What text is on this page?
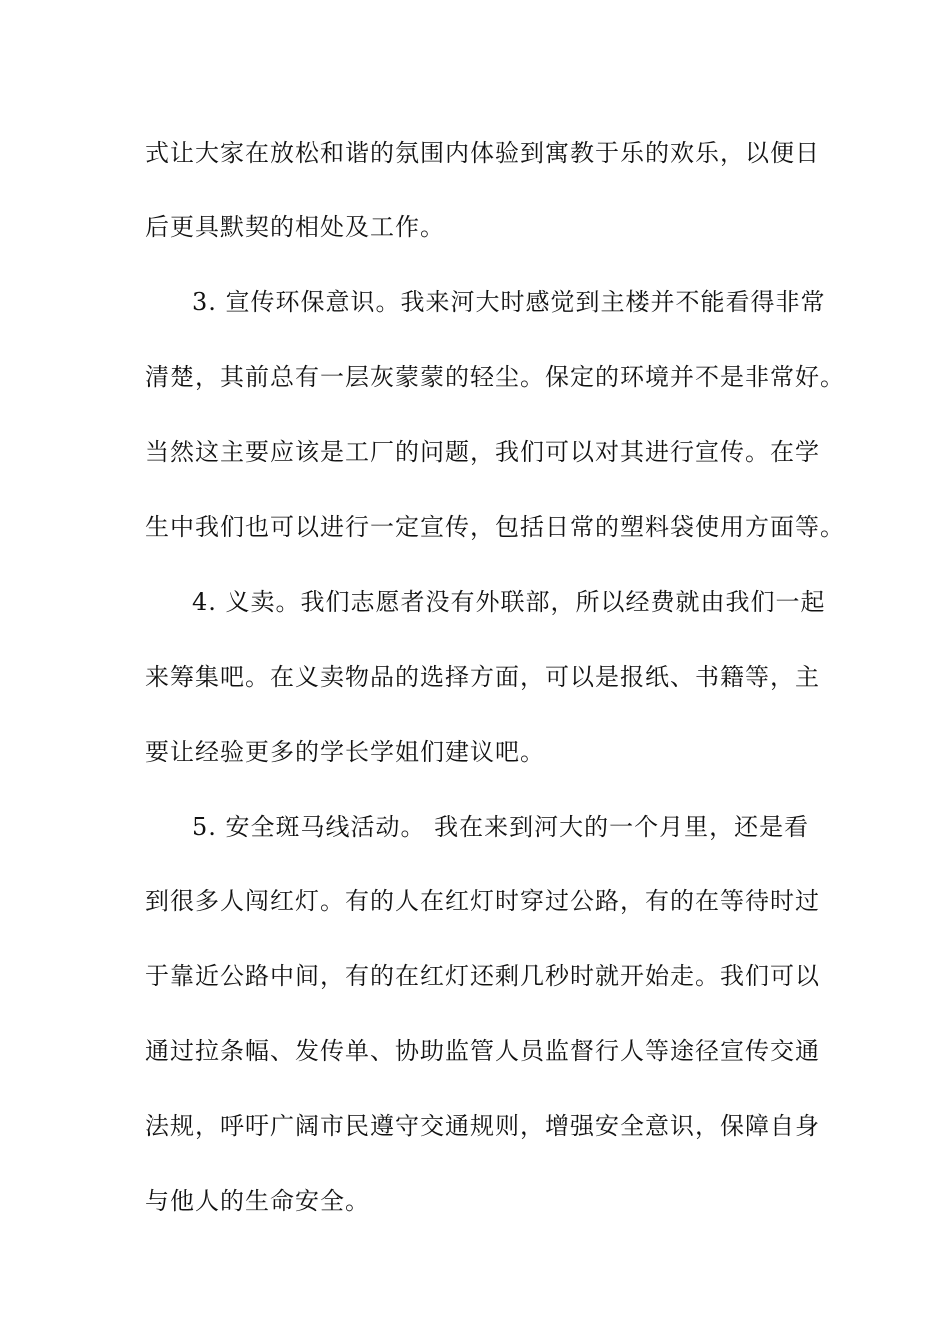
式让大家在放松和谐的氛围内体验到寓教于乐的欢乐，以便日
后更具默契的相处及工作。
3. 宣传环保意识。我来河大时感觉到主楼并不能看得非常
清楚，其前总有一层灰蒙蒙的轻尘。保定的环境并不是非常好。
当然这主要应该是工厂的问题，我们可以对其进行宣传。在学
生中我们也可以进行一定宣传，包括日常的塑料袋使用方面等。
4. 义卖。我们志愿者没有外联部，所以经费就由我们一起
来筹集吧。在义卖物品的选择方面，可以是报纸、书籍等，主
要让经验更多的学长学姐们建议吧。
5. 安全斑马线活动。 我在来到河大的一个月里，还是看
到很多人闯红灯。有的人在红灯时穿过公路，有的在等待时过
于靠近公路中间，有的在红灯还剩几秒时就开始走。我们可以
通过拉条幅、发传单、协助监管人员监督行人等途径宣传交通
法规，呼吁广阔市民遵守交通规则，增强安全意识，保障自身
与他人的生命安全。
